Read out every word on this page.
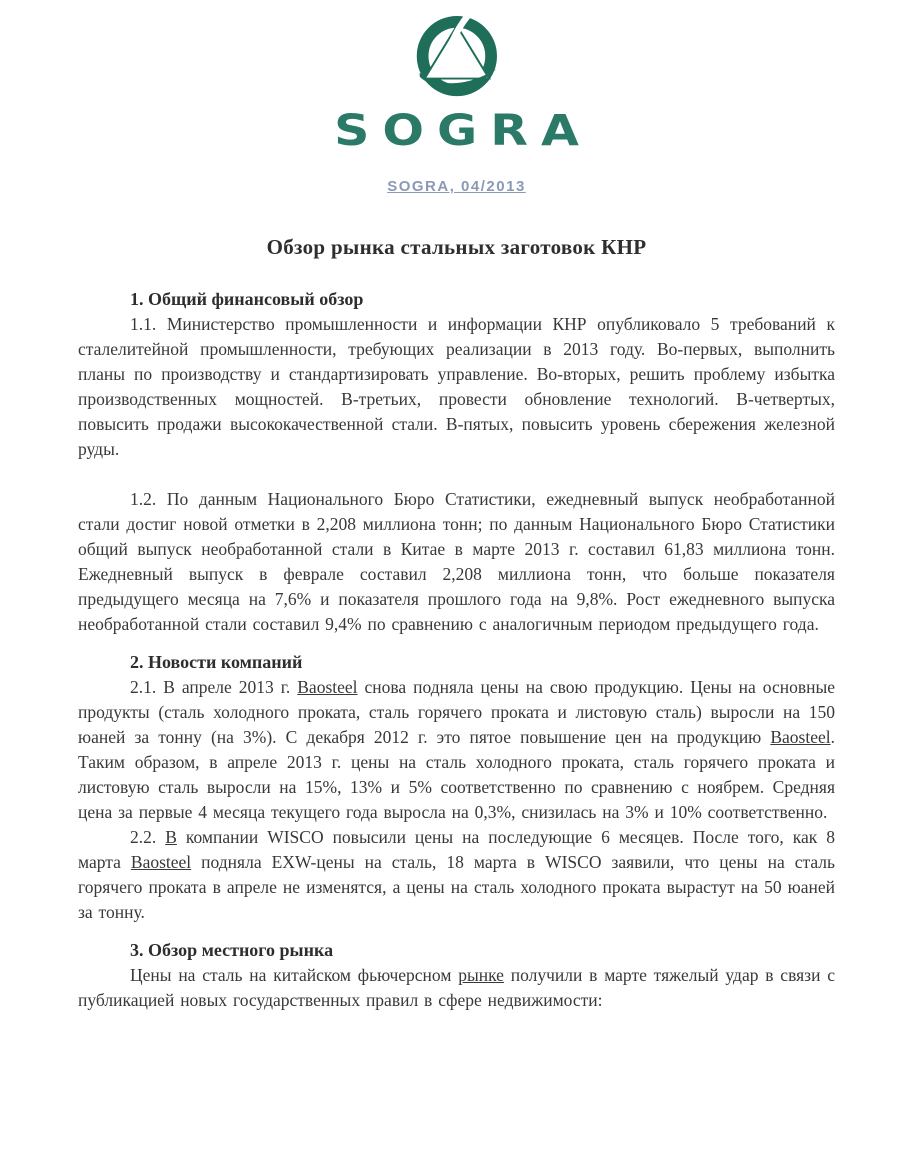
SOGRA
SOGRA, 04/2013
Обзор рынка стальных заготовок КНР
1. Общий финансовый обзор

1.1. Министерство промышленности и информации КНР опубликовало 5 требований к сталелитейной промышленности, требующих реализации в 2013 году. Во-первых, выполнить планы по производству и стандартизировать управление. Во-вторых, решить проблему избытка производственных мощностей. В-третьих, провести обновление технологий. В-четвертых, повысить продажи высококачественной стали. В-пятых, повысить уровень сбережения железной руды.

1.2. По данным Национального Бюро Статистики, ежедневный выпуск необработанной стали достиг новой отметки в 2,208 миллиона тонн; по данным Национального Бюро Статистики общий выпуск необработанной стали в Китае в марте 2013 г. составил 61,83 миллиона тонн. Ежедневный выпуск в феврале составил 2,208 миллиона тонн, что больше показателя предыдущего месяца на 7,6% и показателя прошлого года на 9,8%. Рост ежедневного выпуска необработанной стали составил 9,4% по сравнению с аналогичным периодом предыдущего года.

2. Новости компаний

2.1. В апреле 2013 г. Baosteel снова подняла цены на свою продукцию. Цены на основные продукты (сталь холодного проката, сталь горячего проката и листовую сталь) выросли на 150 юаней за тонну (на 3%). С декабря 2012 г. это пятое повышение цен на продукцию Baosteel. Таким образом, в апреле 2013 г. цены на сталь холодного проката, сталь горячего проката и листовую сталь выросли на 15%, 13% и 5% соответственно по сравнению с ноябрем. Средняя цена за первые 4 месяца текущего года выросла на 0,3%, снизилась на 3% и 10% соответственно.

2.2. В компании WISCO повысили цены на последующие 6 месяцев. После того, как 8 марта Baosteel подняла EXW-цены на сталь, 18 марта в WISCO заявили, что цены на сталь горячего проката в апреле не изменятся, а цены на сталь холодного проката вырастут на 50 юаней за тонну.

3. Обзор местного рынка

Цены на сталь на китайском фьючерсном рынке получили в марте тяжелый удар в связи с публикацией новых государственных правил в сфере недвижимости:
